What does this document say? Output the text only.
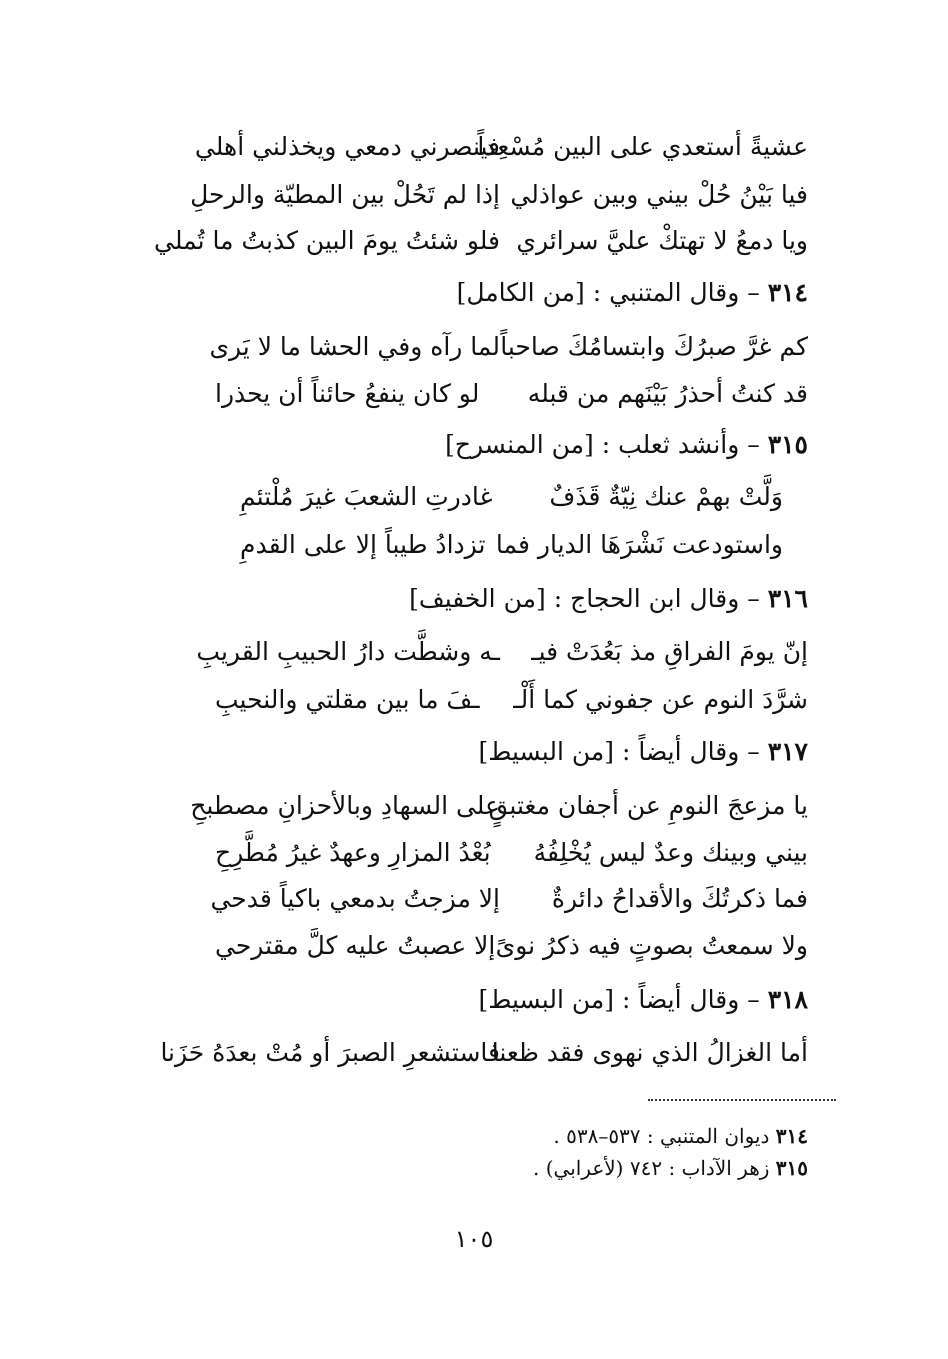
عشيةً أستعدي على البين مُسْعِداً

فينصرني دمعي ويخذلني أهلي

فيا بَيْنُ حُلْ بيني وبين عواذلي

إذا لم تَحُلْ بين المطيّة والرحلِ

ويا دمعُ لا تهتكْ عليَّ سرائري

فلو شئتُ يومَ البين كذبتُ ما تُملي

٣١٤ – وقال المتنبي : [من الكامل]

كم غرَّ صبرُكَ وابتسامُكَ صاحباً

لما رآه وفي الحشا ما لا يَرى

قد كنتُ أحذرُ بَيْنَهم من قبله

لو كان ينفعُ حائناً أن يحذرا

٣١٥ – وأنشد ثعلب : [من المنسرح]

وَلَّتْ بهمْ عنك نِيّةٌ قَذَفٌ

غادرتِ الشعبَ غيرَ مُلْتئمِ

واستودعت نَشْرَهَا الديار فما

تزدادُ طيباً إلا على القدمِ

٣١٦ – وقال ابن الحجاج : [من الخفيف]

إنّ يومَ الفراقِ مذ بَعُدَتْ فيـ

ـه وشطَّت دارُ الحبيبِ القريبِ

شرَّدَ النوم عن جفوني كما أَلْـ

ـفَ ما بين مقلتي والنحيبِ

٣١٧ – وقال أيضاً : [من البسيط]

يا مزعجَ النومِ عن أجفان مغتبقٍ

على السهادِ وبالأحزانِ مصطبحِ

بيني وبينك وعدٌ ليس يُخْلِفُهُ

بُعْدُ المزارِ وعهدٌ غيرُ مُطَّرِحِ

فما ذكرتُكَ والأقداحُ دائرةٌ

إلا مزجتُ بدمعي باكياً قدحي

ولا سمعتُ بصوتٍ فيه ذكرُ نوىً

إلا عصبتُ عليه كلَّ مقترحي

٣١٨ – وقال أيضاً : [من البسيط]

أما الغزالُ الذي نهوى فقد ظعنا

فاستشعرِ الصبرَ أو مُتْ بعدَهُ حَزَنا

٣١٤ ديوان المتنبي : ٥٣٧–٥٣٨ .

٣١٥ زهر الآداب : ٧٤٢ (لأعرابي) .

١٠٥
